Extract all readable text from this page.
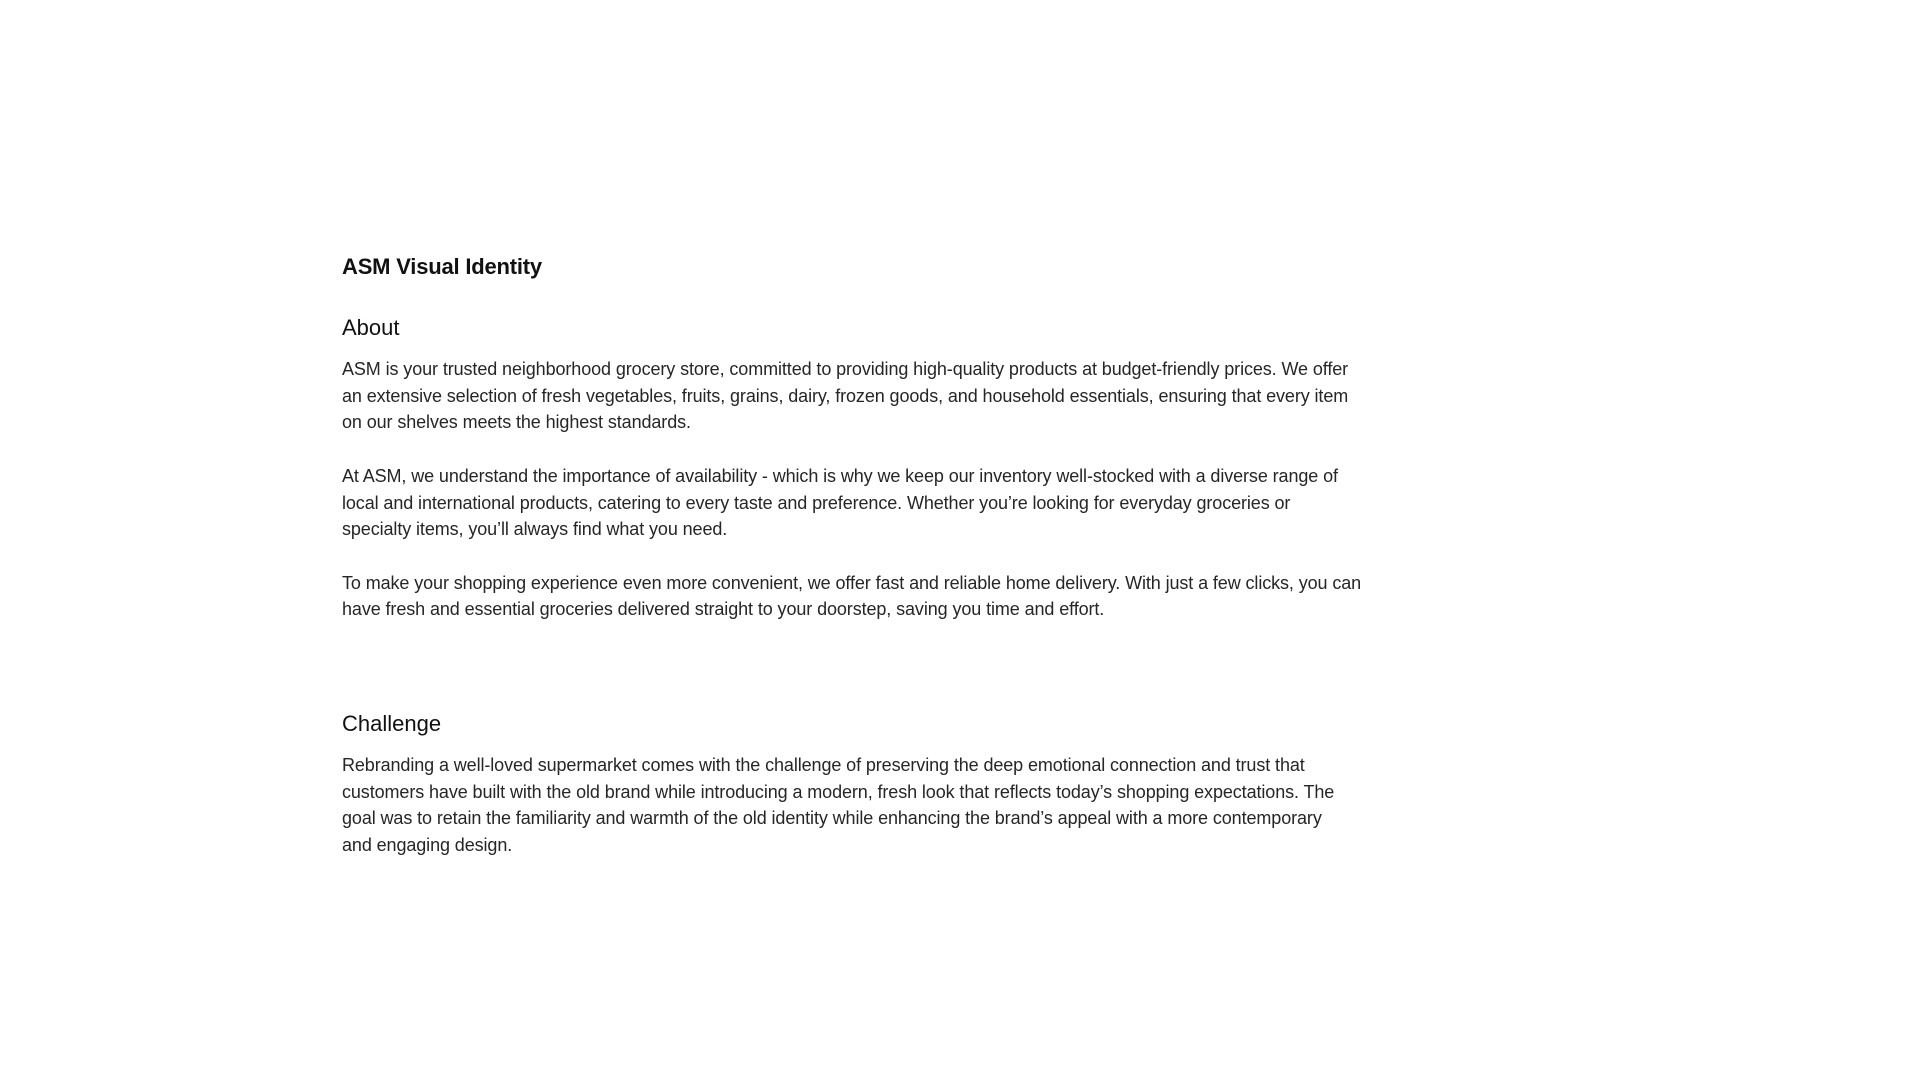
ASM Visual Identity
About

ASM is your trusted neighborhood grocery store, committed to providing high-quality products at budget-friendly prices. We offer an extensive selection of fresh vegetables, fruits, grains, dairy, frozen goods, and household essentials, ensuring that every item on our shelves meets the highest standards.

At ASM, we understand the importance of availability - which is why we keep our inventory well-stocked with a diverse range of local and international products, catering to every taste and preference. Whether you’re looking for everyday groceries or specialty items, you’ll always find what you need.

To make your shopping experience even more convenient, we offer fast and reliable home delivery. With just a few clicks, you can have fresh and essential groceries delivered straight to your doorstep, saving you time and effort.

Challenge

Rebranding a well-loved supermarket comes with the challenge of preserving the deep emotional connection and trust that customers have built with the old brand while introducing a modern, fresh look that reflects today’s shopping expectations. The goal was to retain the familiarity and warmth of the old identity while enhancing the brand’s appeal with a more contemporary and engaging design.
